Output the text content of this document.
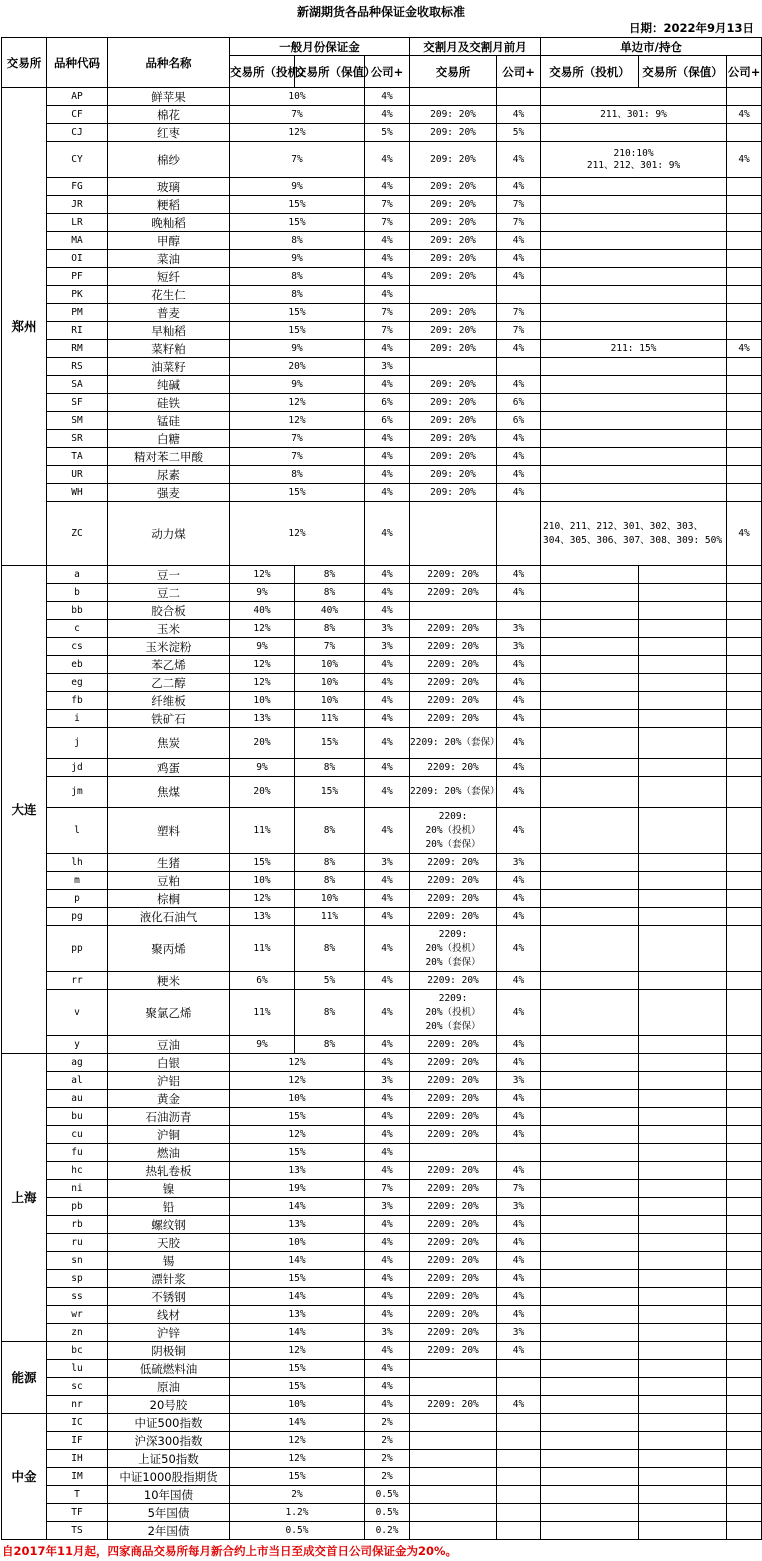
新湖期货各品种保证金收取标准
日期：2022年9月13日
交易所	品种代码	品种名称	一般月份保证金			交割月及交割月前月		单边市/持仓		
			交易所（投机）	交易所（保值）	公司+	交易所	公司+	交易所（投机）	交易所（保值）	公司+
郑州	AP	鲜苹果	10%		4%					
	CF	棉花	7%		4%	209: 20%	4%	211、301: 9%		4%
	CJ	红枣	12%		5%	209: 20%	5%			
	CY	棉纱	7%		4%	209: 20%	4%	210:10%
211、212、301: 9%		4%
	FG	玻璃	9%		4%	209: 20%	4%			
	JR	粳稻	15%		7%	209: 20%	7%			
	LR	晚籼稻	15%		7%	209: 20%	7%			
	MA	甲醇	8%		4%	209: 20%	4%			
	OI	菜油	9%		4%	209: 20%	4%			
	PF	短纤	8%		4%	209: 20%	4%			
	PK	花生仁	8%		4%					
	PM	普麦	15%		7%	209: 20%	7%			
	RI	早籼稻	15%		7%	209: 20%	7%			
	RM	菜籽粕	9%		4%	209: 20%	4%	211: 15%		4%
	RS	油菜籽	20%		3%					
	SA	纯碱	9%		4%	209: 20%	4%			
	SF	硅铁	12%		6%	209: 20%	6%			
	SM	锰硅	12%		6%	209: 20%	6%			
	SR	白糖	7%		4%	209: 20%	4%			
	TA	精对苯二甲酸	7%		4%	209: 20%	4%			
	UR	尿素	8%		4%	209: 20%	4%			
	WH	强麦	15%		4%	209: 20%	4%			
	ZC	动力煤	12%		4%			210、211、212、301、302、303、304、305、306、307、308、309: 50%		4%
大连	a	豆一	12%	8%	4%	2209: 20%	4%			
	b	豆二	9%	8%	4%	2209: 20%	4%			
	bb	胶合板	40%	40%	4%					
	c	玉米	12%	8%	3%	2209: 20%	3%			
	cs	玉米淀粉	9%	7%	3%	2209: 20%	3%			
	eb	苯乙烯	12%	10%	4%	2209: 20%	4%			
	eg	乙二醇	12%	10%	4%	2209: 20%	4%			
	fb	纤维板	10%	10%	4%	2209: 20%	4%			
	i	铁矿石	13%	11%	4%	2209: 20%	4%			
	j	焦炭	20%	15%	4%	2209: 20%（套保）	4%			
	jd	鸡蛋	9%	8%	4%	2209: 20%	4%			
	jm	焦煤	20%	15%	4%	2209: 20%（套保）	4%			
	l	塑料	11%	8%	4%	2209:
20%（投机）
20%（套保）	4%			
	lh	生猪	15%	8%	3%	2209: 20%	3%			
	m	豆粕	10%	8%	4%	2209: 20%	4%			
	p	棕榈	12%	10%	4%	2209: 20%	4%			
	pg	液化石油气	13%	11%	4%	2209: 20%	4%			
	pp	聚丙烯	11%	8%	4%	2209:
20%（投机）
20%（套保）	4%			
	rr	粳米	6%	5%	4%	2209: 20%	4%			
	v	聚氯乙烯	11%	8%	4%	2209:
20%（投机）
20%（套保）	4%			
	y	豆油	9%	8%	4%	2209: 20%	4%			
上海	ag	白银	12%		4%	2209: 20%	4%			
	al	沪铝	12%		3%	2209: 20%	3%			
	au	黄金	10%		4%	2209: 20%	4%			
	bu	石油沥青	15%		4%	2209: 20%	4%			
	cu	沪铜	12%		4%	2209: 20%	4%			
	fu	燃油	15%		4%					
	hc	热轧卷板	13%		4%	2209: 20%	4%			
	ni	镍	19%		7%	2209: 20%	7%			
	pb	铅	14%		3%	2209: 20%	3%			
	rb	螺纹钢	13%		4%	2209: 20%	4%			
	ru	天胶	10%		4%	2209: 20%	4%			
	sn	锡	14%		4%	2209: 20%	4%			
	sp	漂针浆	15%		4%	2209: 20%	4%			
	ss	不锈钢	14%		4%	2209: 20%	4%			
	wr	线材	13%		4%	2209: 20%	4%			
	zn	沪锌	14%		3%	2209: 20%	3%			
能源	bc	阴极铜	12%		4%	2209: 20%	4%			
	lu	低硫燃料油	15%		4%					
	sc	原油	15%		4%					
	nr	20号胶	10%		4%	2209: 20%	4%			
中金	IC	中证500指数	14%		2%					
	IF	沪深300指数	12%		2%					
	IH	上证50指数	12%		2%					
	IM	中证1000股指期货	15%		2%					
	T	10年国债	2%		0.5%					
	TF	5年国债	1.2%		0.5%					
	TS	2年国债	0.5%		0.2%					
自2017年11月起，四家商品交易所每月新合约上市当日至成交首日公司保证金为20%。
